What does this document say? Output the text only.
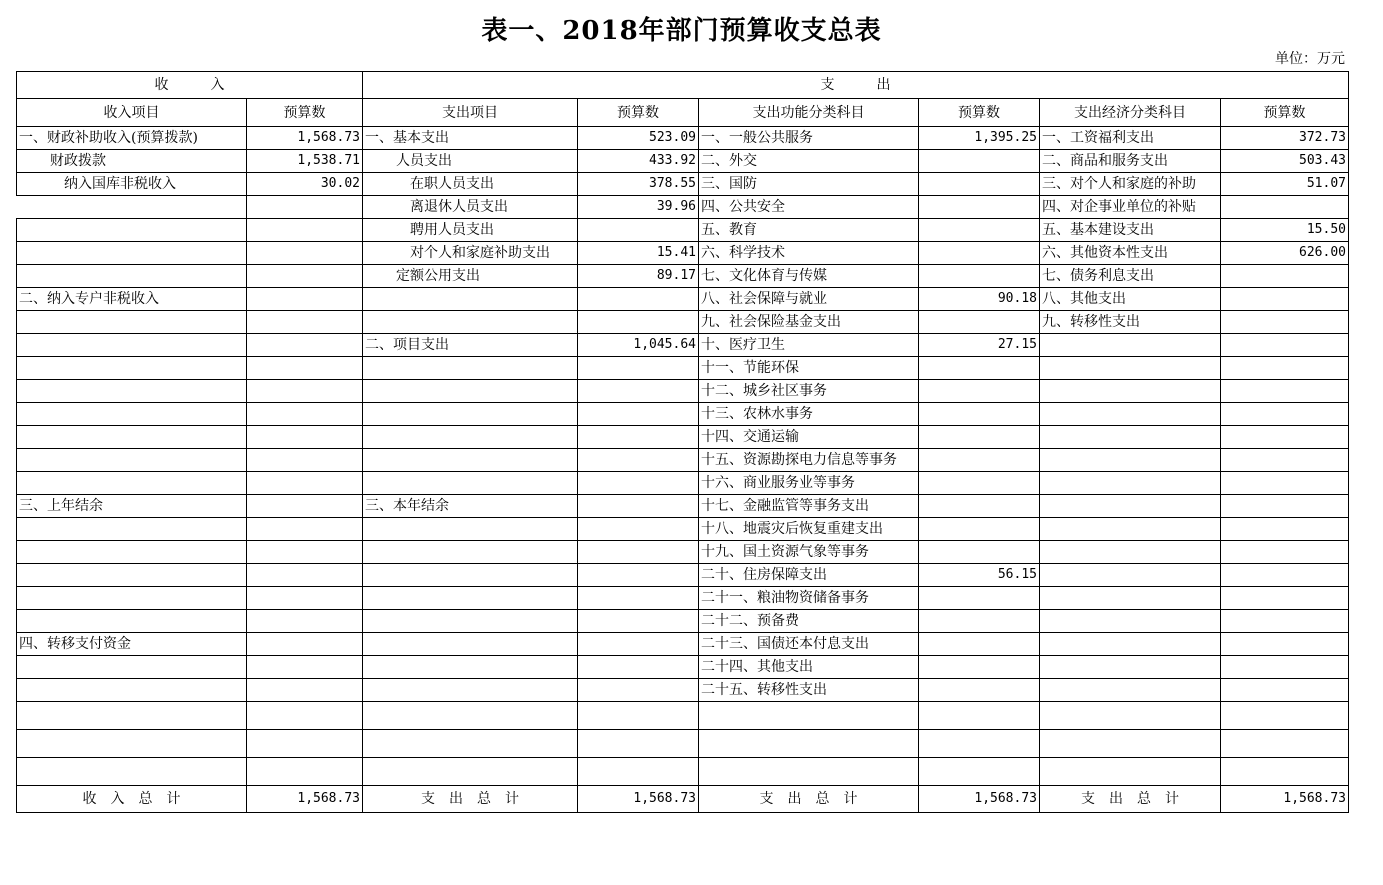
表一、2018年部门预算收支总表
单位：万元
收　　　入		支　　　出					
收入项目	预算数	支出项目	预算数	支出功能分类科目	预算数	支出经济分类科目	预算数
一、财政补助收入(预算拨款)	1,568.73	一、基本支出	523.09	一、一般公共服务	1,395.25	一、工资福利支出	372.73
财政拨款	1,538.71	人员支出	433.92	二、外交		二、商品和服务支出	503.43
纳入国库非税收入	30.02	在职人员支出	378.55	三、国防		三、对个人和家庭的补助	51.07
		离退休人员支出	39.96	四、公共安全		四、对企事业单位的补贴	
		聘用人员支出		五、教育		五、基本建设支出	15.50
		对个人和家庭补助支出	15.41	六、科学技术		六、其他资本性支出	626.00
		定额公用支出	89.17	七、文化体育与传媒		七、债务利息支出	
二、纳入专户非税收入				八、社会保障与就业	90.18	八、其他支出	
				九、社会保险基金支出		九、转移性支出	
		二、项目支出	1,045.64	十、医疗卫生	27.15		
				十一、节能环保			
				十二、城乡社区事务			
				十三、农林水事务			
				十四、交通运输			
				十五、资源勘探电力信息等事务			
				十六、商业服务业等事务			
三、上年结余		三、本年结余		十七、金融监管等事务支出			
				十八、地震灾后恢复重建支出			
				十九、国土资源气象等事务			
				二十、住房保障支出	56.15		
				二十一、粮油物资储备事务			
				二十二、预备费			
四、转移支付资金				二十三、国债还本付息支出			
				二十四、其他支出			
				二十五、转移性支出			

收　入　总　计	1,568.73	支　出　总　计	1,568.73	支　出　总　计	1,568.73	支　出　总　计	1,568.73
